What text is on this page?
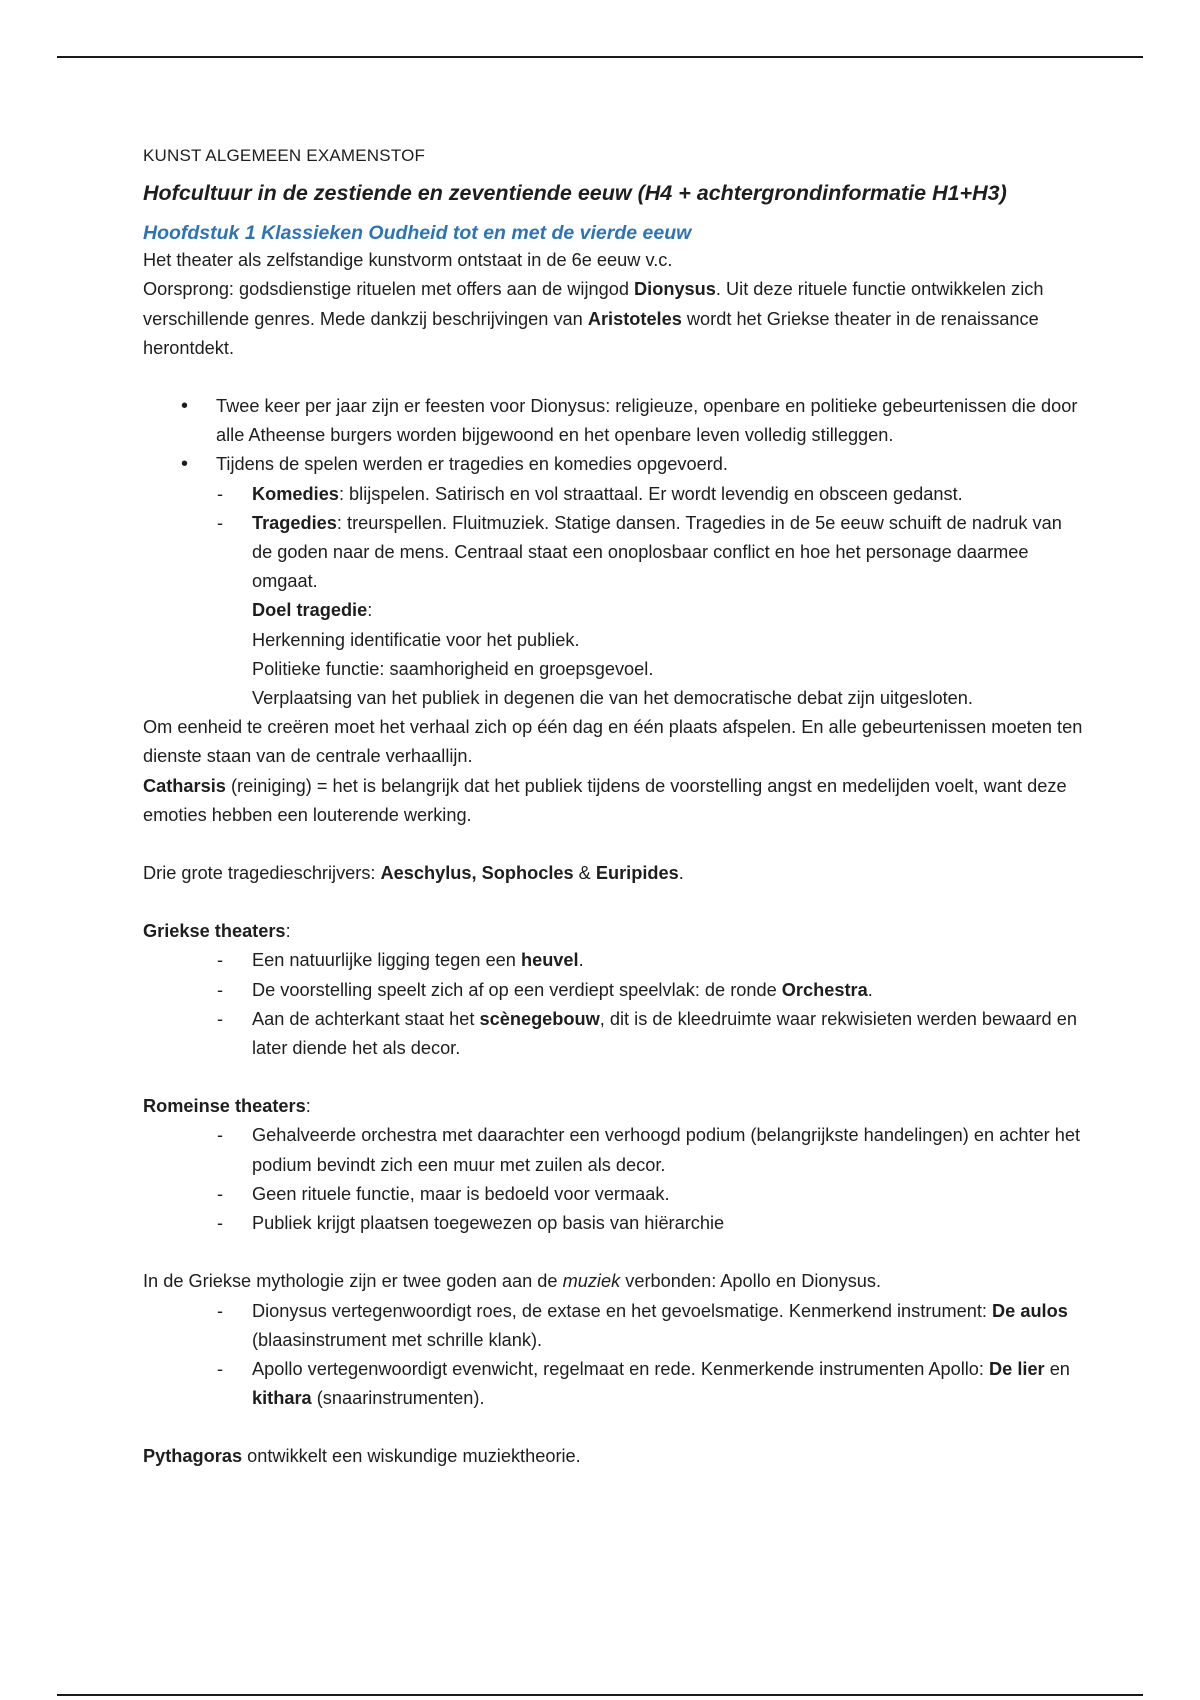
KUNST ALGEMEEN EXAMENSTOF

Hofcultuur in de zestiende en zeventiende eeuw (H4 + achtergrondinformatie H1+H3)

Hoofdstuk 1 Klassieken Oudheid tot en met de vierde eeuw

Het theater als zelfstandige kunstvorm ontstaat in de 6e eeuw v.c.

Oorsprong: godsdienstige rituelen met offers aan de wijngod Dionysus. Uit deze rituele functie ontwikkelen zich verschillende genres. Mede dankzij beschrijvingen van Aristoteles wordt het Griekse theater in de renaissance herontdekt.

• Twee keer per jaar zijn er feesten voor Dionysus: religieuze, openbare en politieke gebeurtenissen die door alle Atheense burgers worden bijgewoond en het openbare leven volledig stilleggen.
• Tijdens de spelen werden er tragedies en komedies opgevoerd.
- Komedies: blijspelen. Satirisch en vol straattaal. Er wordt levendig en obsceen gedanst.
- Tragedies: treurspellen. Fluitmuziek. Statige dansen. Tragedies in de 5e eeuw schuift de nadruk van de goden naar de mens. Centraal staat een onoplosbaar conflict en hoe het personage daarmee omgaat.

Doel tragedie:

Herkenning identificatie voor het publiek.

Politieke functie: saamhorigheid en groepsgevoel.

Verplaatsing van het publiek in degenen die van het democratische debat zijn uitgesloten.

Om eenheid te creëren moet het verhaal zich op één dag en één plaats afspelen. En alle gebeurtenissen moeten ten dienste staan van de centrale verhaallijn.

Catharsis (reiniging) = het is belangrijk dat het publiek tijdens de voorstelling angst en medelijden voelt, want deze emoties hebben een louterende werking.

Drie grote tragedieschrijvers: Aeschylus, Sophocles & Euripides.

Griekse theaters:

- Een natuurlijke ligging tegen een heuvel.
- De voorstelling speelt zich af op een verdiept speelvlak: de ronde Orchestra.
- Aan de achterkant staat het scènegebouw, dit is de kleedruimte waar rekwisieten werden bewaard en later diende het als decor.

Romeinse theaters:

- Gehalveerde orchestra met daarachter een verhoogd podium (belangrijkste handelingen) en achter het podium bevindt zich een muur met zuilen als decor.
- Geen rituele functie, maar is bedoeld voor vermaak.
- Publiek krijgt plaatsen toegewezen op basis van hiërarchie

In de Griekse mythologie zijn er twee goden aan de muziek verbonden: Apollo en Dionysus.

- Dionysus vertegenwoordigt roes, de extase en het gevoelsmatige. Kenmerkend instrument: De aulos (blaasinstrument met schrille klank).
- Apollo vertegenwoordigt evenwicht, regelmaat en rede. Kenmerkende instrumenten Apollo: De lier en kithara (snaarinstrumenten).

Pythagoras ontwikkelt een wiskundige muziektheorie.
